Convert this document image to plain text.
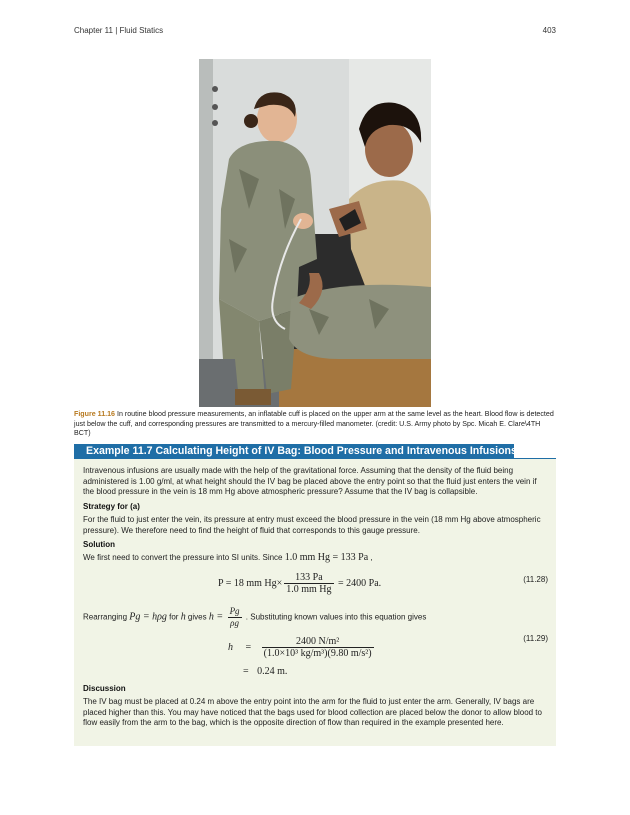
Chapter 11 | Fluid Statics	403
Figure 11.16 In routine blood pressure measurements, an inflatable cuff is placed on the upper arm at the same level as the heart. Blood flow is detected just below the cuff, and corresponding pressures are transmitted to a mercury-filled manometer. (credit: U.S. Army photo by Spc. Micah E. Clare\4TH BCT)
Example 11.7 Calculating Height of IV Bag: Blood Pressure and Intravenous Infusions
Intravenous infusions are usually made with the help of the gravitational force. Assuming that the density of the fluid being administered is 1.00 g/ml, at what height should the IV bag be placed above the entry point so that the fluid just enters the vein if the blood pressure in the vein is 18 mm Hg above atmospheric pressure? Assume that the IV bag is collapsible.
Strategy for (a)
For the fluid to just enter the vein, its pressure at entry must exceed the blood pressure in the vein (18 mm Hg above atmospheric pressure). We therefore need to find the height of fluid that corresponds to this gauge pressure.
Solution
We first need to convert the pressure into SI units. Since 1.0 mm Hg = 133 Pa ,
P = 18 mm $Hg\times \frac{133 Pa}{\text{1.0 mm Hg}} = 2400$ Pa.	(11.28)
Rearranging Pg = hρg for h gives $h = \frac{Pg}{\rho g}$ . Substituting known values into this equation gives
$h = \frac{\text{2400 N/m²}}{\text{(1.0×10³ kg/m³)(9.80 m/s²)}}$	(11.29)
= 0.24 m.
Discussion
The IV bag must be placed at 0.24 m above the entry point into the arm for the fluid to just enter the arm. Generally, IV bags are placed higher than this. You may have noticed that the bags used for blood collection are placed below the donor to allow blood to flow easily from the arm to the bag, which is the opposite direction of flow than required in the example presented here.
